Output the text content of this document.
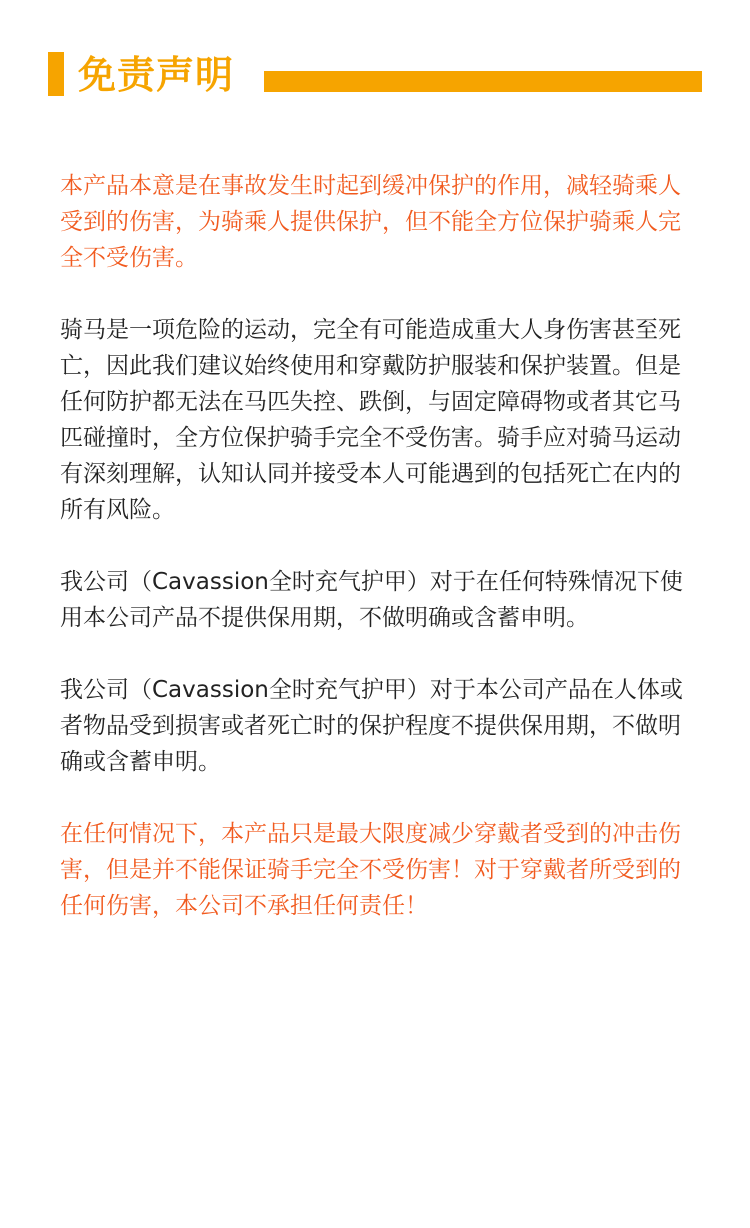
免责声明

本产品本意是在事故发生时起到缓冲保护的作用，减轻骑乘人受到的伤害，为骑乘人提供保护，但不能全方位保护骑乘人完全不受伤害。

骑马是一项危险的运动，完全有可能造成重大人身伤害甚至死亡，因此我们建议始终使用和穿戴防护服装和保护装置。但是任何防护都无法在马匹失控、跌倒，与固定障碍物或者其它马匹碰撞时，全方位保护骑手完全不受伤害。骑手应对骑马运动有深刻理解，认知认同并接受本人可能遇到的包括死亡在内的所有风险。

我公司（Cavassion全时充气护甲）对于在任何特殊情况下使用本公司产品不提供保用期，不做明确或含蓄申明。

我公司（Cavassion全时充气护甲）对于本公司产品在人体或者物品受到损害或者死亡时的保护程度不提供保用期，不做明确或含蓄申明。

在任何情况下，本产品只是最大限度减少穿戴者受到的冲击伤害，但是并不能保证骑手完全不受伤害！对于穿戴者所受到的任何伤害，本公司不承担任何责任！
